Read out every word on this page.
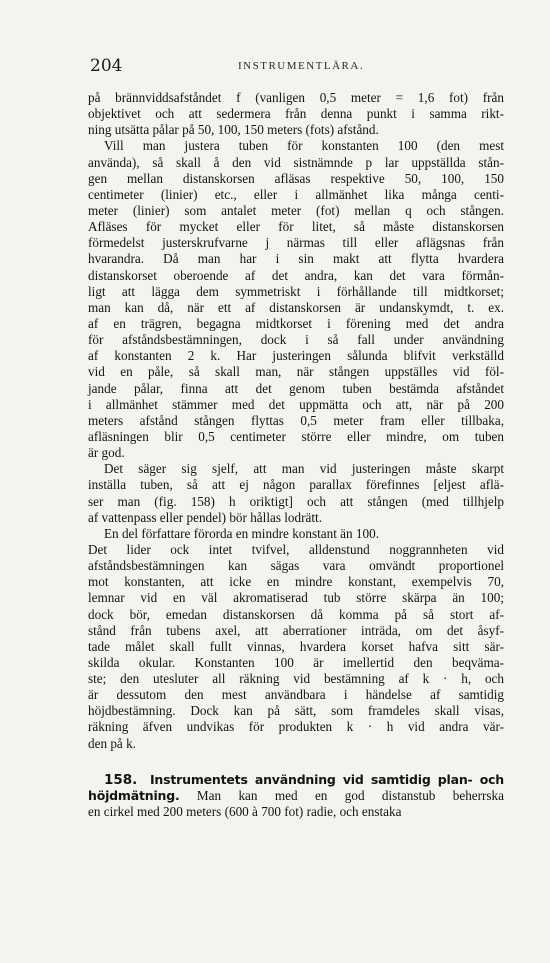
204	INSTRUMENTLÄRA.
på brännviddsafståndet f (vanligen 0,5 meter = 1,6 fot) från
objektivet och att sedermera från denna punkt i samma rikt-
ning utsätta pålar på 50, 100, 150 meters (fots) afstånd.
Vill man justera tuben för konstanten 100 (den mest
använda), så skall å den vid sistnämnde p lar uppställda stån-
gen mellan distanskorsen afläsas respektive 50, 100, 150
centimeter (linier) etc., eller i allmänhet lika många centi-
meter (linier) som antalet meter (fot) mellan q och stången.
Afläses för mycket eller för litet, så måste distanskorsen
förmedelst justerskrufvarne j närmas till eller aflägsnas från
hvarandra. Då man har i sin makt att flytta hvardera
distanskorset oberoende af det andra, kan det vara förmån-
ligt att lägga dem symmetriskt i förhållande till midtkorset;
man kan då, när ett af distanskorsen är undanskymdt, t. ex.
af en trägren, begagna midtkorset i förening med det andra
för afståndsbestämningen, dock i så fall under användning
af konstanten 2 k. Har justeringen sålunda blifvit verkställd
vid en påle, så skall man, när stången uppställes vid föl-
jande pålar, finna att det genom tuben bestämda afståndet
i allmänhet stämmer med det uppmätta och att, när på 200
meters afstånd stången flyttas 0,5 meter fram eller tillbaka,
afläsningen blir 0,5 centimeter större eller mindre, om tuben
är god.
Det säger sig sjelf, att man vid justeringen måste skarpt
inställa tuben, så att ej någon parallax förefinnes [eljest aflä-
ser man (fig. 158) h oriktigt] och att stången (med tillhjelp
af vattenpass eller pendel) bör hållas lodrätt.
En del författare förorda en mindre konstant än 100.
Det lider ock intet tvifvel, alldenstund noggrannheten vid
afståndsbestämningen kan sägas vara omvändt proportionel
mot konstanten, att icke en mindre konstant, exempelvis 70,
lemnar vid en väl akromatiserad tub större skärpa än 100;
dock bör, emedan distanskorsen då komma på så stort af-
stånd från tubens axel, att aberrationer inträda, om det åsyf-
tade målet skall fullt vinnas, hvardera korset hafva sitt sär-
skilda okular. Konstanten 100 är imellertid den beqväma-
ste; den utesluter all räkning vid bestämning af k · h, och
är dessutom den mest användbara i händelse af samtidig
höjdbestämning. Dock kan på sätt, som framdeles skall visas,
räkning äfven undvikas för produkten k · h vid andra vär-
den på k.
158. Instrumentets användning vid samtidig plan- och
höjdmätning. Man kan med en god distanstub beherrska
en cirkel med 200 meters (600 à 700 fot) radie, och enstaka
